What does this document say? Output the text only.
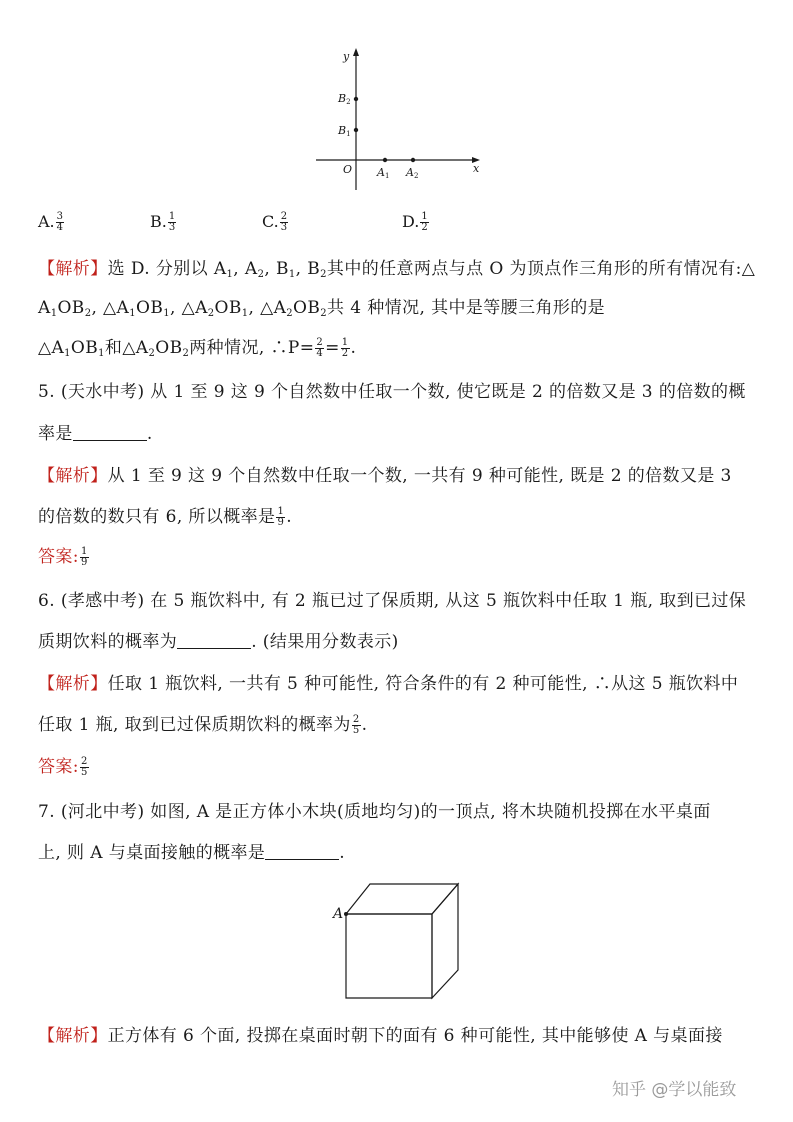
y
x
O
B2
B1
A1 A2
A. $\frac{3}{4}$	B. $\frac{1}{3}$	C. $\frac{2}{3}$	D. $\frac{1}{2}$
【解析】选 D. 分别以 $A_1$, $A_2$, $B_1$, $B_2$其中的任意两点与点 O 为顶点作三角形的所有情况有:△
$A_1OB_2$, $\triangle A_1OB_1$, $\triangle A_2OB_1$, $\triangle A_2OB_2$共 4 种情况, 其中是等腰三角形的是
$\triangle A_1OB_1$和$\triangle A_2OB_2$两种情况, ∴P= $\frac{2}{4} = \frac{1}{2}$ .
5. (天水中考) 从 1 至 9 这 9 个自然数中任取一个数, 使它既是 2 的倍数又是 3 的倍数的概
率是	.
【解析】从 1 至 9 这 9 个自然数中任取一个数, 一共有 9 种可能性, 既是 2 的倍数又是 3
的倍数的数只有 6, 所以概率是 $\frac{1}{9}$ .
答案: $\frac{1}{9}$
6. (孝感中考) 在 5 瓶饮料中, 有 2 瓶已过了保质期, 从这 5 瓶饮料中任取 1 瓶, 取到已过保
质期饮料的概率为	. (结果用分数表示)
【解析】任取 1 瓶饮料, 一共有 5 种可能性, 符合条件的有 2 种可能性, ∴从这 5 瓶饮料中
任取 1 瓶, 取到已过保质期饮料的概率为 $\frac{2}{5}$ .
答案: $\frac{2}{5}$
7. (河北中考) 如图, A 是正方体小木块(质地均匀)的一顶点, 将木块随机投掷在水平桌面
上, 则 A 与桌面接触的概率是	.
A
【解析】正方体有 6 个面, 投掷在桌面时朝下的面有 6 种可能性, 其中能够使 A 与桌面接
知乎 @学以能致
